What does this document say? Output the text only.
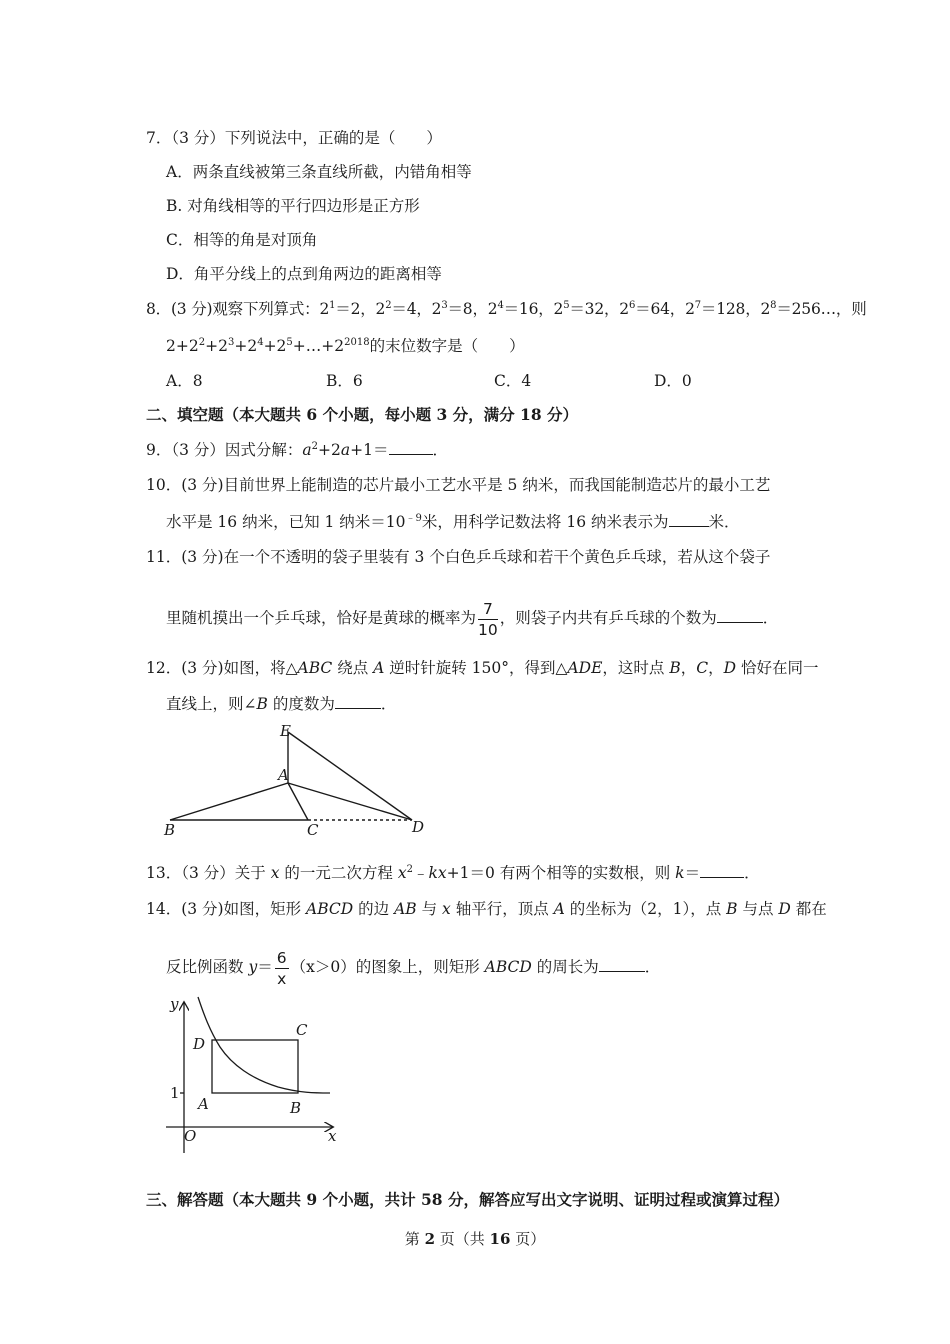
7．（3 分）下列说法中，正确的是（　　）
A．两条直线被第三条直线所截，内错角相等
B. 对角线相等的平行四边形是正方形
C．相等的角是对顶角
D．角平分线上的点到角两边的距离相等
8．(3 分)观察下列算式：$2^1=2$，$2^2=4$，$2^3=8$，$2^4=16$，$2^5=32$，$2^6=64$，$2^7=128$，$2^8=256\dots$，则
$2+2^2+2^3+2^4+2^5+\dots+2^{2018}$的末位数字是（　　）
A．8	B．6	C．4	D．0
二、填空题（本大题共 6 个小题，每小题 3 分，满分 18 分）
9．（3 分）因式分解：$a^2+2a+1=$	．
10．(3 分)目前世界上能制造的芯片最小工艺水平是 5 纳米，而我国能制造芯片的最小工艺
水平是 16 纳米，已知 1 纳米$=10^{﹣9}$米，用科学记数法将 16 纳米表示为	米．
11．(3 分)在一个不透明的袋子里装有 3 个白色乒乓球和若干个黄色乒乓球，若从这个袋子
里随机摸出一个乒乓球，恰好是黄球的概率为 $\frac{7}{10}$ ，则袋子内共有乒乓球的个数为	．
12．(3 分)如图，将△ABC 绕点 A 逆时针旋转 150°，得到△ADE，这时点 B，C，D 恰好在同一
直线上，则∠B 的度数为	．
E
A
B	C	D
13．（3 分）关于 x 的一元二次方程 $x^2﹣kx+1=0$ 有两个相等的实数根，则 k＝	．
14．(3 分)如图，矩形 ABCD 的边 AB 与 x 轴平行，顶点 A 的坐标为（2，1），点 B 与点 D 都在
反比例函数 $y= \frac{6}{x} (x>0)$的图象上，则矩形 ABCD 的周长为	．
y
x
O
1
A	B
C
D
三、解答题（本大题共 9 个小题，共计 58 分，解答应写出文字说明、证明过程或演算过程）
第 2 页（共 16 页）
